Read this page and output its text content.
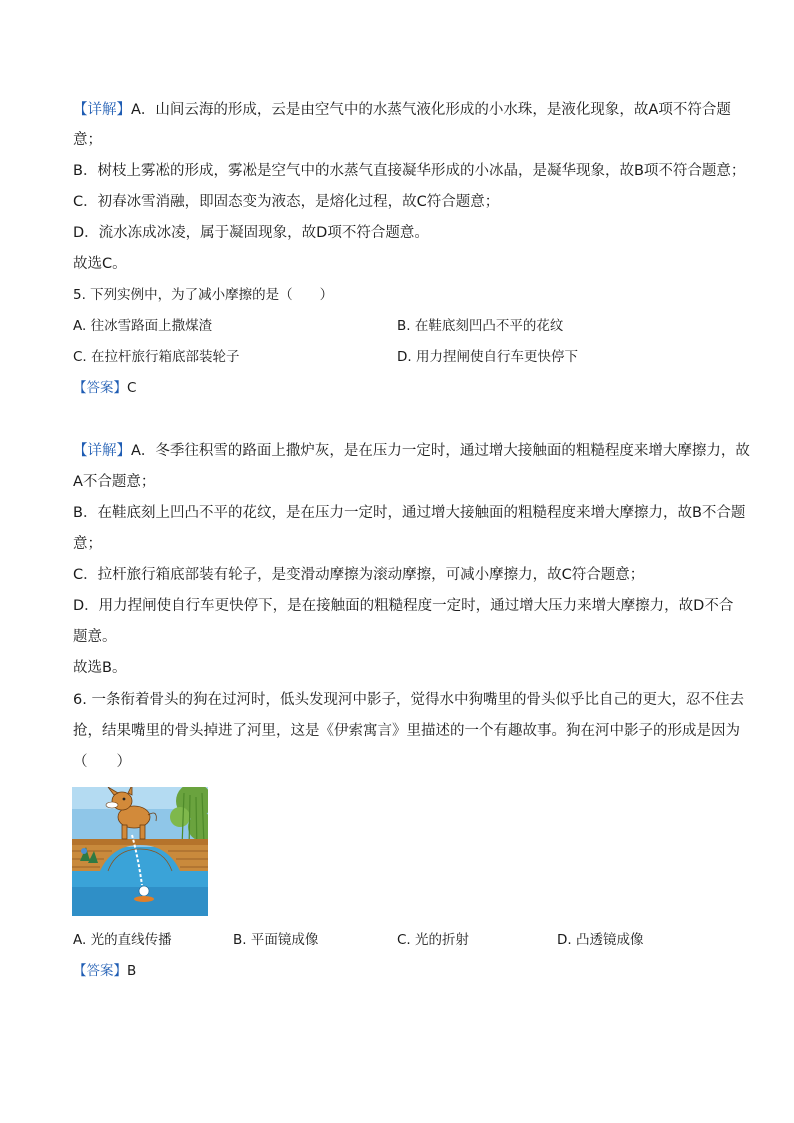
【详解】A．山间云海的形成，云是由空气中的水蒸气液化形成的小水珠，是液化现象，故A项不符合题
意；
B．树枝上雾凇的形成，雾凇是空气中的水蒸气直接凝华形成的小冰晶，是凝华现象，故B项不符合题意；
C．初春冰雪消融，即固态变为液态，是熔化过程，故C符合题意；
D．流水冻成冰凌，属于凝固现象，故D项不符合题意。
故选C。
5. 下列实例中，为了减小摩擦的是（　　）
A. 往冰雪路面上撒煤渣	B. 在鞋底刻凹凸不平的花纹
C. 在拉杆旅行箱底部装轮子	D. 用力捏闸使自行车更快停下
【答案】C
【详解】A．冬季往积雪的路面上撒炉灰，是在压力一定时，通过增大接触面的粗糙程度来增大摩擦力，故
A不合题意；
B．在鞋底刻上凹凸不平的花纹，是在压力一定时，通过增大接触面的粗糙程度来增大摩擦力，故B不合题
意；
C．拉杆旅行箱底部装有轮子，是变滑动摩擦为滚动摩擦，可减小摩擦力，故C符合题意；
D．用力捏闸使自行车更快停下，是在接触面的粗糙程度一定时，通过增大压力来增大摩擦力，故D不合
题意。
故选B。
6. 一条衔着骨头的狗在过河时，低头发现河中影子，觉得水中狗嘴里的骨头似乎比自己的更大，忍不住去
抢，结果嘴里的骨头掉进了河里，这是《伊索寓言》里描述的一个有趣故事。狗在河中影子的形成是因为
（　　）
A. 光的直线传播	B. 平面镜成像	C. 光的折射	D. 凸透镜成像
【答案】B
